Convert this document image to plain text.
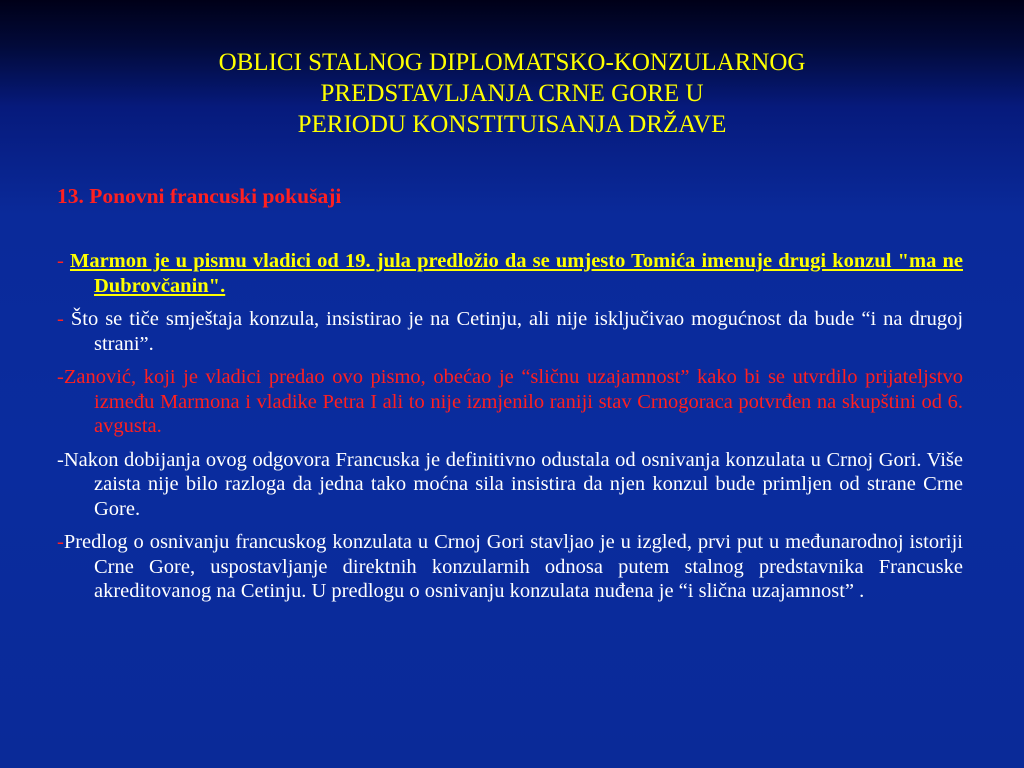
OBLICI STALNOG DIPLOMATSKO-KONZULARNOG
PREDSTAVLJANJA CRNE GORE U
PERIODU KONSTITUISANJA DRŽAVE
13. Ponovni francuski pokušaji

- Marmon je u pismu vladici od 19. jula predložio da se umjesto Tomića imenuje drugi konzul "ma ne Dubrovčanin".

- Što se tiče smještaja konzula, insistirao je na Cetinju, ali nije isključivao mogućnost da bude “i na drugoj strani”.

-Zanović, koji je vladici predao ovo pismo, obećao je “sličnu uzajamnost” kako bi se utvrdilo prijateljstvo između Marmona i vladike Petra I ali to nije izmjenilo raniji stav Crnogoraca potvrđen na skupštini od 6. avgusta.

-Nakon dobijanja ovog odgovora Francuska je definitivno odustala od osnivanja konzulata u Crnoj Gori. Više zaista nije bilo razloga da jedna tako moćna sila insistira da njen konzul bude primljen od strane Crne Gore.

-Predlog o osnivanju francuskog konzulata u Crnoj Gori stavljao je u izgled, prvi put u međunarodnoj istoriji Crne Gore, uspostavljanje direktnih konzularnih odnosa putem stalnog predstavnika Francuske akreditovanog na Cetinju. U predlogu o osnivanju konzulata nuđena je “i slična uzajamnost” .
